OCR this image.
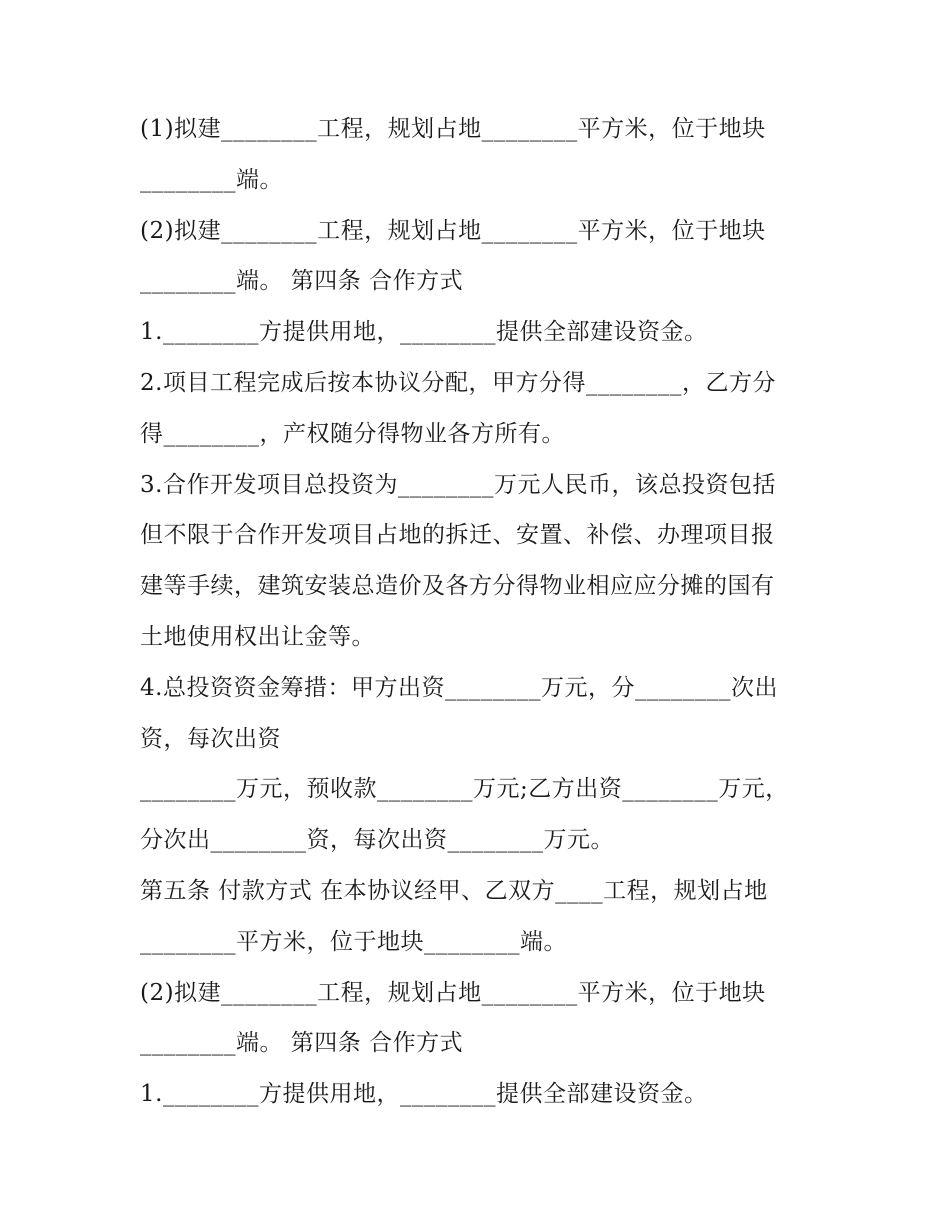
(1)拟建________工程，规划占地________平方米，位于地块
________端。
(2)拟建________工程，规划占地________平方米，位于地块
________端。 第四条 合作方式
1.________方提供用地，________提供全部建设资金。
2.项目工程完成后按本协议分配，甲方分得________，乙方分
得________，产权随分得物业各方所有。
3.合作开发项目总投资为________万元人民币，该总投资包括
但不限于合作开发项目占地的拆迁、安置、补偿、办理项目报
建等手续，建筑安装总造价及各方分得物业相应应分摊的国有
土地使用权出让金等。
4.总投资资金筹措：甲方出资________万元，分________次出
资，每次出资
________万元，预收款________万元;乙方出资________万元，
分次出________资，每次出资________万元。
第五条 付款方式 在本协议经甲、乙双方____工程，规划占地
________平方米，位于地块________端。
(2)拟建________工程，规划占地________平方米，位于地块
________端。 第四条 合作方式
1.________方提供用地，________提供全部建设资金。
